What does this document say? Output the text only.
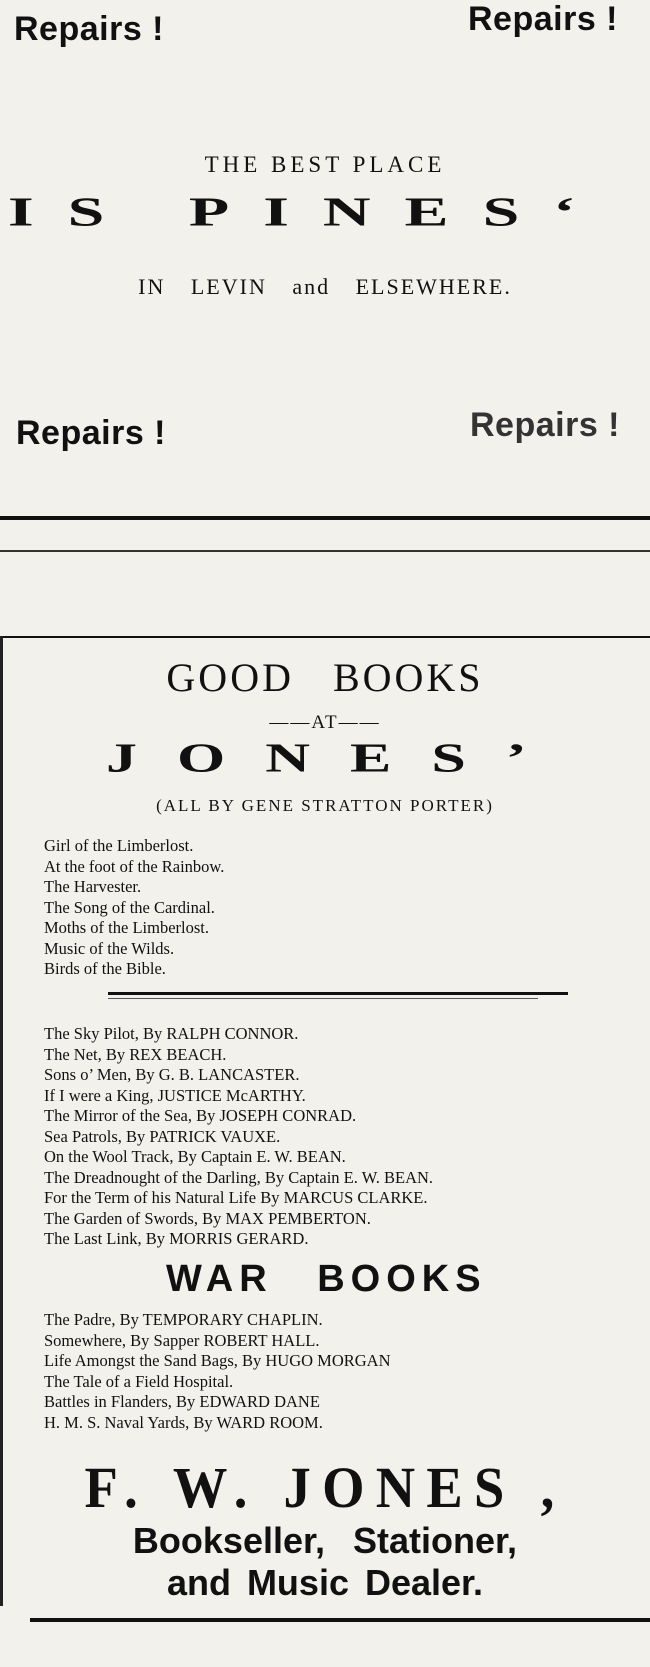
Repairs !	Repairs !
THE BEST PLACE
IS PINES‘
IN LEVIN and ELSEWHERE.
Repairs !	Repairs !
GOOD BOOKS
——AT——
JONES’
(ALL BY GENE STRATTON PORTER)
Girl of the Limberlost.
At the foot of the Rainbow.
The Harvester.
The Song of the Cardinal.
Moths of the Limberlost.
Music of the Wilds.
Birds of the Bible.
The Sky Pilot, By RALPH CONNOR.
The Net, By REX BEACH.
Sons o’ Men, By G. B. LANCASTER.
If I were a King, JUSTICE McARTHY.
The Mirror of the Sea, By JOSEPH CONRAD.
Sea Patrols, By PATRICK VAUXE.
On the Wool Track, By Captain E. W. BEAN.
The Dreadnought of the Darling, By Captain E. W. BEAN.
For the Term of his Natural Life By MARCUS CLARKE.
The Garden of Swords, By MAX PEMBERTON.
The Last Link, By MORRIS GERARD.
WAR BOOKS
The Padre, By TEMPORARY CHAPLIN.
Somewhere, By Sapper ROBERT HALL.
Life Amongst the Sand Bags, By HUGO MORGAN
The Tale of a Field Hospital.
Battles in Flanders, By EDWARD DANE
H. M. S. Naval Yards, By WARD ROOM.
F. W. JONES ,
Bookseller, Stationer,
and Music Dealer.
